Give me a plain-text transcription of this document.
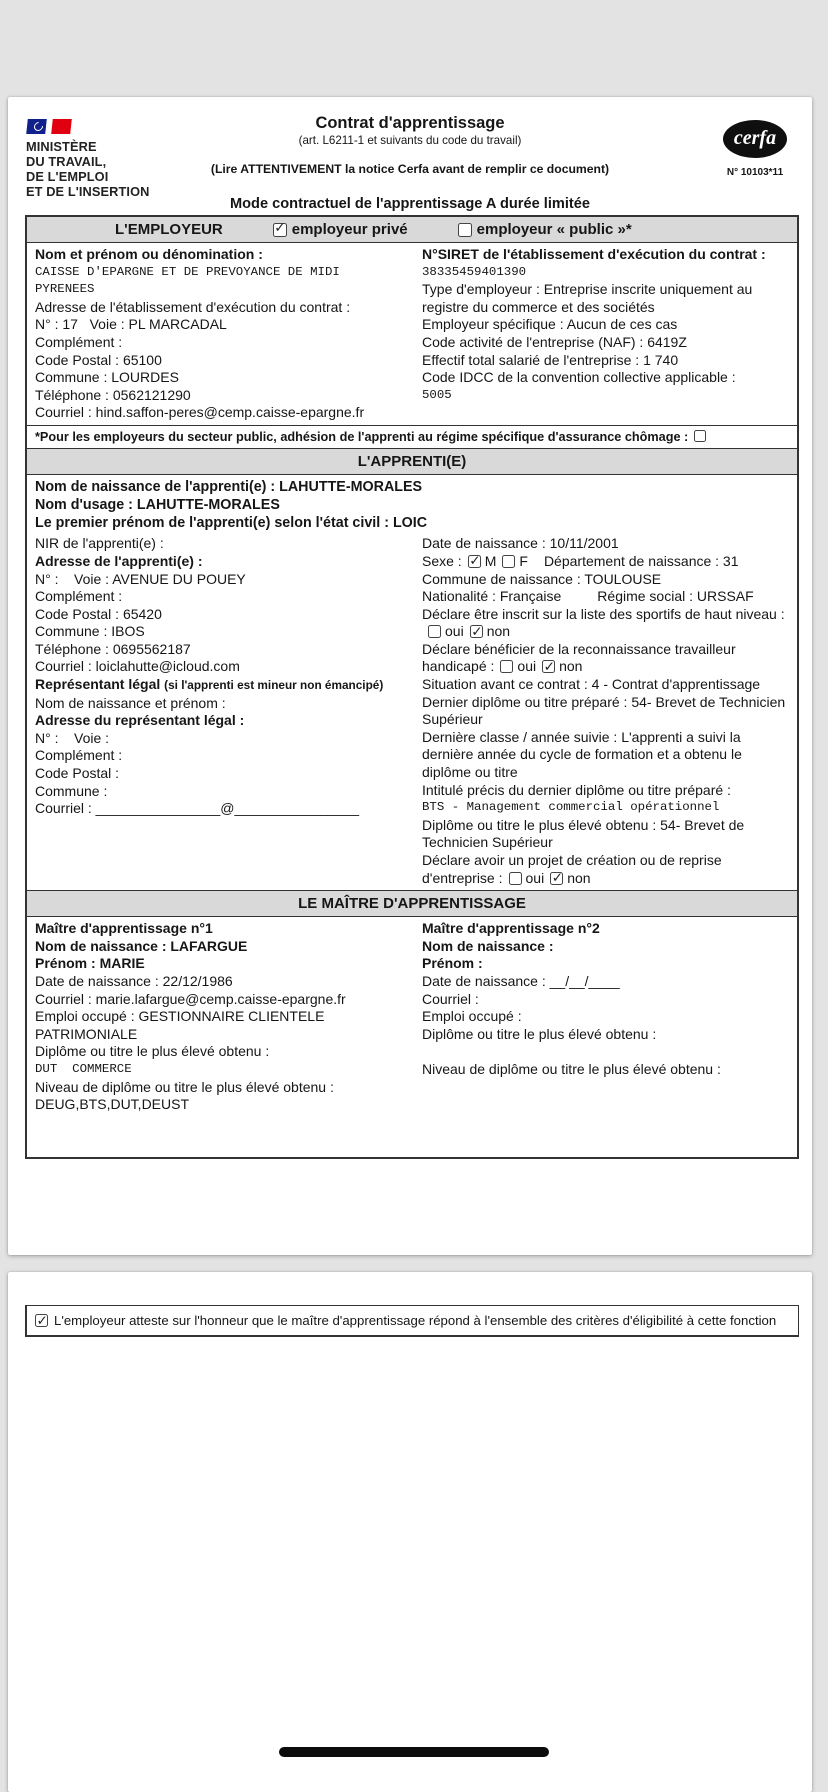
MINISTÈRE
DU TRAVAIL,
DE L'EMPLOI
ET DE L'INSERTION
Contrat d'apprentissage
(art. L6211-1 et suivants du code du travail)
(Lire ATTENTIVEMENT la notice Cerfa avant de remplir ce document)
cerfa
N° 10103*11
Mode contractuel de l'apprentissage A durée limitée
L'EMPLOYEUR ✓	employeur privé	employeur « public »*
Nom et prénom ou dénomination :
CAISSE D'EPARGNE ET DE PREVOYANCE DE MIDI PYRENEES
Adresse de l'établissement d'exécution du contrat :
N° : 17   Voie : PL MARCADAL
Complément :
Code Postal : 65100
Commune : LOURDES
Téléphone : 0562121290
Courriel : hind.saffon-peres@cemp.caisse-epargne.fr
N°SIRET de l'établissement d'exécution du contrat :
38335459401390
Type d'employeur : Entreprise inscrite uniquement au registre du commerce et des sociétés
Employeur spécifique : Aucun de ces cas
Code activité de l'entreprise (NAF) : 6419Z
Effectif total salarié de l'entreprise : 1 740
Code IDCC de la convention collective applicable :
5005
*Pour les employeurs du secteur public, adhésion de l'apprenti au régime spécifique d'assurance chômage :
L'APPRENTI(E)
Nom de naissance de l'apprenti(e) : LAHUTTE-MORALES
Nom d'usage : LAHUTTE-MORALES
Le premier prénom de l'apprenti(e) selon l'état civil : LOIC
NIR de l'apprenti(e) :
Adresse de l'apprenti(e) :
N° :    Voie : AVENUE DU POUEY
Complément :
Code Postal : 65420
Commune : IBOS
Téléphone : 0695562187
Courriel : loiclahutte@icloud.com
Représentant légal (si l'apprenti est mineur non émancipé)
Nom de naissance et prénom :
Adresse du représentant légal :
N° :    Voie :
Complément :
Code Postal :
Commune :
Courriel : ________________@________________
Date de naissance : 10/11/2001
Sexe : ✓ M F Département de naissance : 31
Commune de naissance : TOULOUSE
Nationalité : Française	Régime social : URSSAF
Déclare être inscrit sur la liste des sportifs de haut niveau :oui ✓ non
Déclare bénéficier de la reconnaissance travailleur handicapé : oui ✓ non
Situation avant ce contrat : 4 - Contrat d'apprentissage
Dernier diplôme ou titre préparé : 54- Brevet de Technicien Supérieur
Dernière classe / année suivie : L'apprenti a suivi la dernière année du cycle de formation et a obtenu le diplôme ou titre
Intitulé précis du dernier diplôme ou titre préparé :
BTS - Management commercial opérationnel
Diplôme ou titre le plus élevé obtenu : 54- Brevet de Technicien Supérieur
Déclare avoir un projet de création ou de reprise d'entreprise : oui ✓ non
LE MAÎTRE D'APPRENTISSAGE
Maître d'apprentissage n°1
Nom de naissance : LAFARGUE
Prénom : MARIE
Date de naissance : 22/12/1986
Courriel : marie.lafargue@cemp.caisse-epargne.fr
Emploi occupé : GESTIONNAIRE CLIENTELE PATRIMONIALE
Diplôme ou titre le plus élevé obtenu :
DUT  COMMERCE
Niveau de diplôme ou titre le plus élevé obtenu :
DEUG,BTS,DUT,DEUST
Maître d'apprentissage n°2
Nom de naissance :
Prénom :
Date de naissance : __/__/____
Courriel :
Emploi occupé :
Diplôme ou titre le plus élevé obtenu :
Niveau de diplôme ou titre le plus élevé obtenu :
✓L'employeur atteste sur l'honneur que le maître d'apprentissage répond à l'ensemble des critères d'éligibilité à cette fonction
